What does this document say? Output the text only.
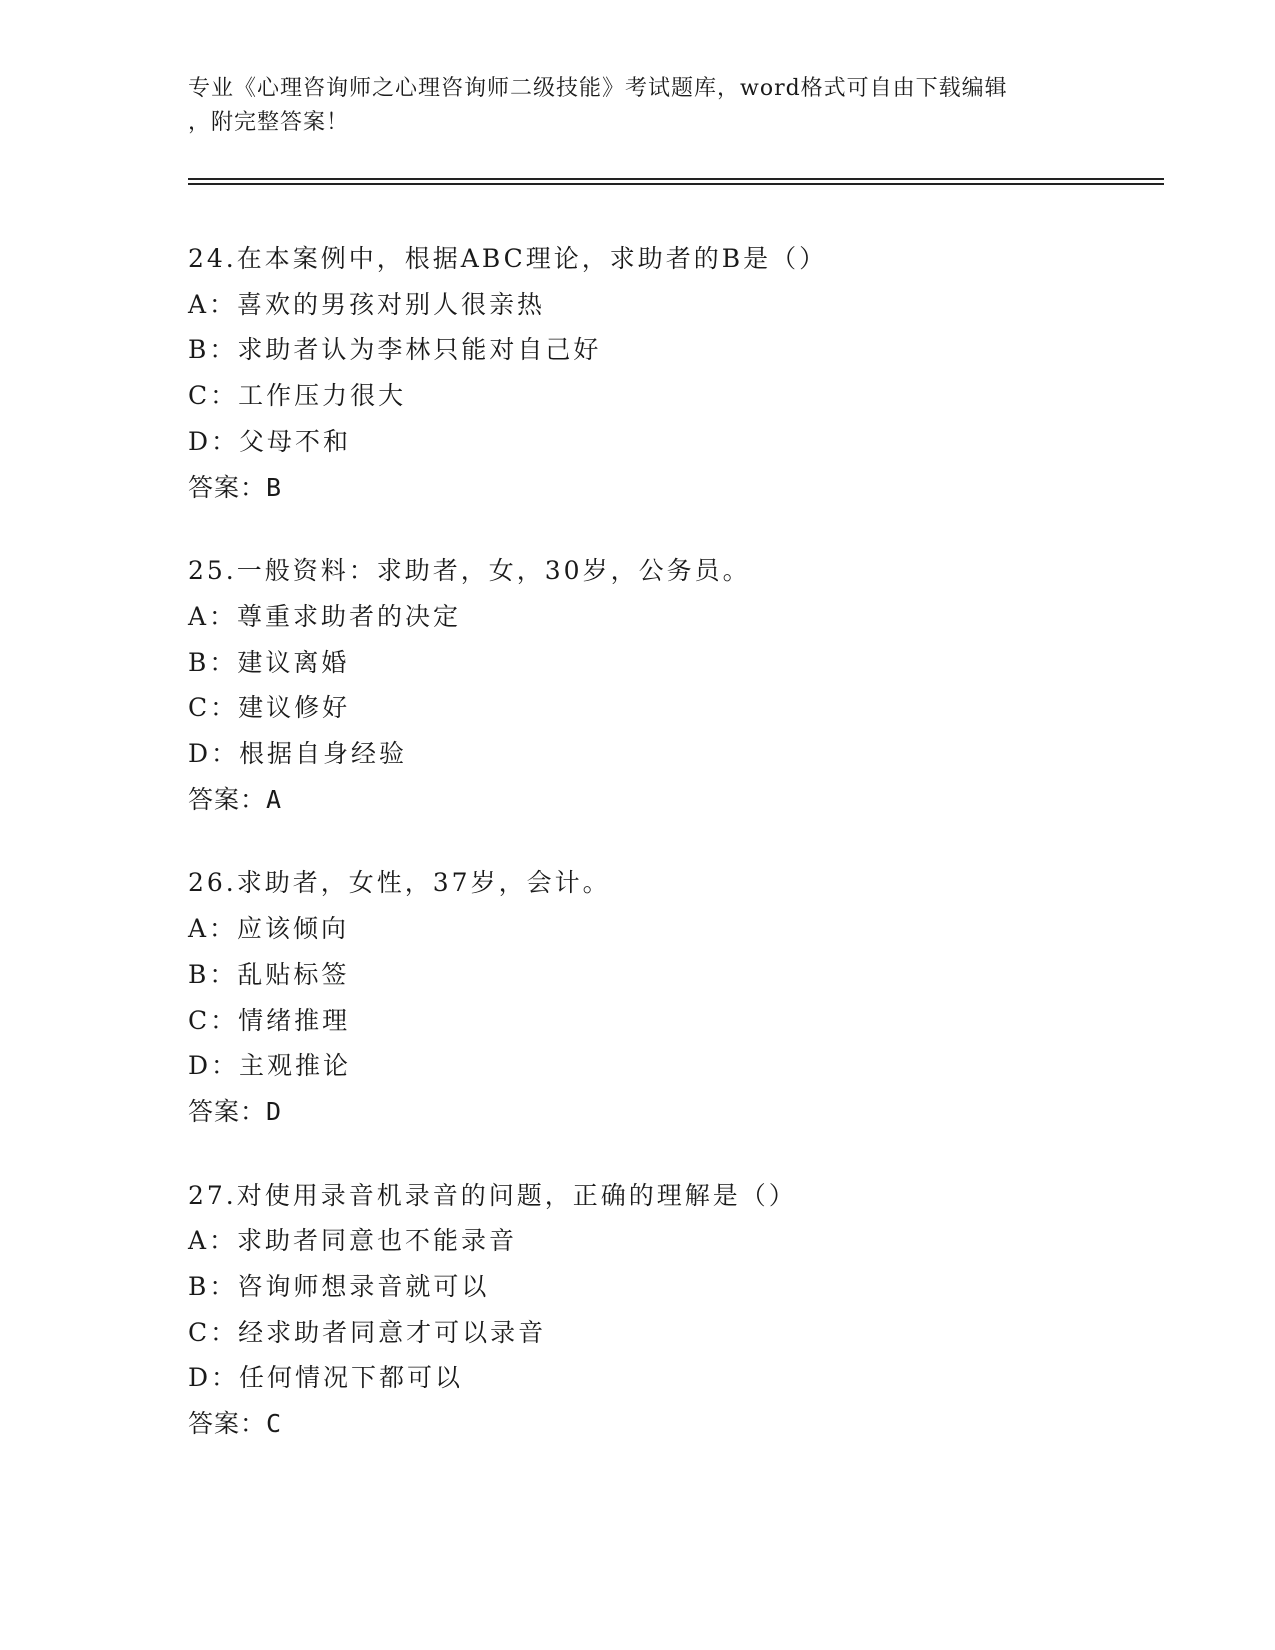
专业《心理咨询师之心理咨询师二级技能》考试题库，word格式可自由下载编辑
，附完整答案！
24.在本案例中，根据ABC理论，求助者的B是（）
A：喜欢的男孩对别人很亲热
B：求助者认为李林只能对自己好
C：工作压力很大
D：父母不和
答案：B
25.一般资料：求助者，女，30岁，公务员。
A：尊重求助者的决定
B：建议离婚
C：建议修好
D：根据自身经验
答案：A
26.求助者，女性，37岁，会计。
A：应该倾向
B：乱贴标签
C：情绪推理
D：主观推论
答案：D
27.对使用录音机录音的问题，正确的理解是（）
A：求助者同意也不能录音
B：咨询师想录音就可以
C：经求助者同意才可以录音
D：任何情况下都可以
答案：C
